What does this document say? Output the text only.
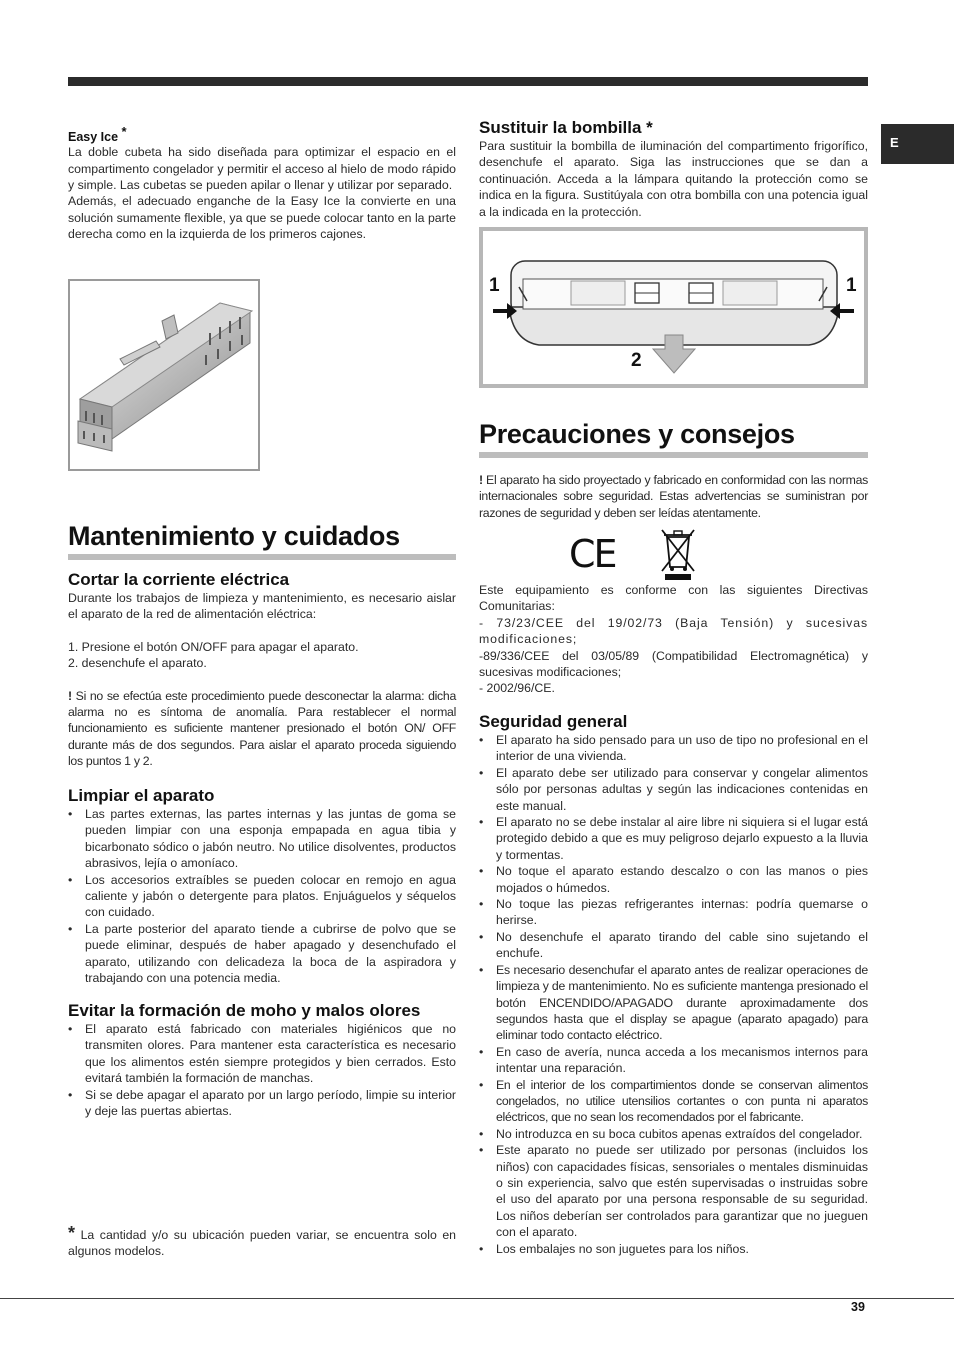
E
Easy Ice *

La doble cubeta ha sido diseñada para optimizar el espacio en el compartimento congelador y permitir el acceso al hielo de modo rápido y simple. Las cubetas se pueden apilar o llenar y utilizar por separado.

Además, el adecuado enganche de la Easy Ice la convierte en una solución sumamente flexible, ya que se puede colocar tanto en la parte derecha como en la izquierda de los primeros cajones.

Mantenimiento y cuidados
Cortar la corriente eléctrica

Durante los trabajos de limpieza y mantenimiento, es necesario aislar el aparato de la red de alimentación eléctrica:

1. Presione el botón ON/OFF para apagar el aparato.

2. desenchufe el aparato.

! Si no se efectúa este procedimiento puede desconectar la alarma: dicha alarma no es síntoma de anomalía. Para restablecer el normal funcionamiento es suficiente mantener presionado el botón ON/ OFF durante más de dos segundos. Para aislar el aparato proceda siguiendo los puntos 1 y 2.

Limpiar el aparato
• Las partes externas, las partes internas y las juntas de goma se pueden limpiar con una esponja empapada en agua tibia y bicarbonato sódico o jabón neutro. No utilice disolventes, productos abrasivos, lejía o amoníaco.
• Los accesorios extraíbles se pueden colocar en remojo en agua caliente y jabón o detergente para platos. Enjuáguelos y séquelos con cuidado.
• La parte posterior del aparato tiende a cubrirse de polvo que se puede eliminar, después de haber apagado y desenchufado el aparato, utilizando con delicadeza la boca de la aspiradora y trabajando con una potencia media.
Evitar la formación de moho y malos olores
• El aparato está fabricado con materiales higiénicos que no transmiten olores. Para mantener esta característica es necesario que los alimentos estén siempre protegidos y bien cerrados. Esto evitará también la formación de manchas.
• Si se debe apagar el aparato por un largo período, limpie su interior y deje las puertas abiertas.

* La cantidad y/o su ubicación pueden variar, se encuentra solo en algunos modelos.

Sustituir la bombilla *

Para sustituir la bombilla de iluminación del compartimento frigorífico, desenchufe el aparato. Siga las instrucciones que se dan a continuación. Acceda a la lámpara quitando la protección como se indica en la figura. Sustitúyala con otra bombilla con una potencia igual a la indicada en la protección.

1	1
2
Precauciones y consejos

! El aparato ha sido proyectado y fabricado en conformidad con las normas internacionales sobre seguridad. Estas advertencias se suministran por razones de seguridad y deben ser leídas atentamente.

CE

Este equipamiento es conforme con las siguientes Directivas Comunitarias:

- 73/23/CEE del 19/02/73 (Baja Tensión) y sucesivas modificaciones;

-89/336/CEE del 03/05/89 (Compatibilidad Electromagnética) y sucesivas modificaciones;

- 2002/96/CE.

Seguridad general
• El aparato ha sido pensado para un uso de tipo no profesional en el interior de una vivienda.
• El aparato debe ser utilizado para conservar y congelar alimentos sólo por personas adultas y según las indicaciones contenidas en este manual.
• El aparato no se debe instalar al aire libre ni siquiera si el lugar está protegido debido a que es muy peligroso dejarlo expuesto a la lluvia y tormentas.
• No toque el aparato estando descalzo o con las manos o pies mojados o húmedos.
• No toque las piezas refrigerantes internas: podría quemarse o herirse.
• No desenchufe el aparato tirando del cable sino sujetando el enchufe.
• Es necesario desenchufar el aparato antes de realizar operaciones de limpieza y de mantenimiento. No es suficiente mantenga presionado el botón ENCENDIDO/APAGADO durante aproximadamente dos segundos hasta que el display se apague (aparato apagado) para eliminar todo contacto eléctrico.
• En caso de avería, nunca acceda a los mecanismos internos para intentar una reparación.
• En el interior de los compartimientos donde se conservan alimentos congelados, no utilice utensilios cortantes o con punta ni aparatos eléctricos, que no sean los recomendados por el fabricante.
• No introduzca en su boca cubitos apenas extraídos del congelador.
• Este aparato no puede ser utilizado por personas (incluidos los niños) con capacidades físicas, sensoriales o mentales disminuidas o sin experiencia, salvo que estén supervisadas o instruidas sobre el uso del aparato por una persona responsable de su seguridad. Los niños deberían ser controlados para garantizar que no jueguen con el aparato.
• Los embalajes no son juguetes para los niños.
39
